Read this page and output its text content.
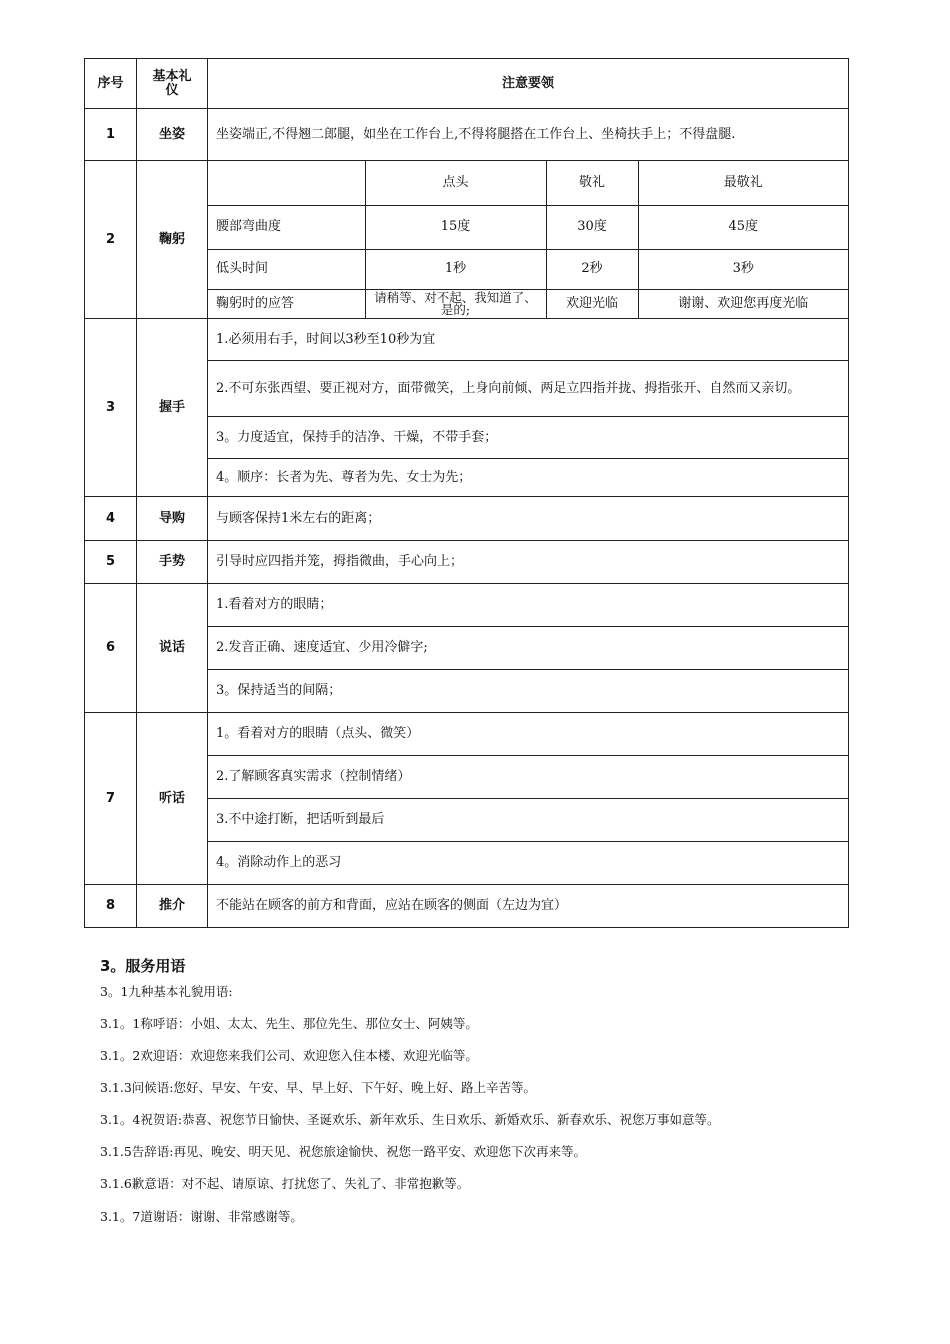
序号	基本礼仪	注意要领
1	坐姿	坐姿端正,不得翘二郎腿，如坐在工作台上,不得将腿搭在工作台上、坐椅扶手上；不得盘腿.
2	鞠躬	
	点头	敬礼	最敬礼
腰部弯曲度	15度	30度	45度
低头时间	1秒	2秒	3秒
鞠躬时的应答	请稍等、对不起、我知道了、是的;	欢迎光临	谢谢、欢迎您再度光临

3	握手	1.必须用右手，时间以3秒至10秒为宜
2.不可东张西望、要正视对方，面带微笑，上身向前倾、两足立四指并拢、拇指张开、自然而又亲切。
3。力度适宜，保持手的洁净、干燥，不带手套；
4。顺序：长者为先、尊者为先、女士为先；
4	导购	与顾客保持1米左右的距离；
5	手势	引导时应四指并笼，拇指微曲，手心向上；
6	说话	1.看着对方的眼睛；
2.发音正确、速度适宜、少用冷僻字;
3。保持适当的间隔；
7	听话	1。看着对方的眼睛（点头、微笑）
2.了解顾客真实需求（控制情绪）
3.不中途打断，把话听到最后
4。消除动作上的恶习
8	推介	不能站在顾客的前方和背面，应站在顾客的侧面（左边为宜）
3。服务用语
3。1九种基本礼貌用语:
3.1。1称呼语：小姐、太太、先生、那位先生、那位女士、阿姨等。
3.1。2欢迎语：欢迎您来我们公司、欢迎您入住本楼、欢迎光临等。
3.1.3问候语:您好、早安、午安、早、早上好、下午好、晚上好、路上辛苦等。
3.1。4祝贺语:恭喜、祝您节日愉快、圣诞欢乐、新年欢乐、生日欢乐、新婚欢乐、新春欢乐、祝您万事如意等。
3.1.5告辞语:再见、晚安、明天见、祝您旅途愉快、祝您一路平安、欢迎您下次再来等。
3.1.6歉意语：对不起、请原谅、打扰您了、失礼了、非常抱歉等。
3.1。7道谢语：谢谢、非常感谢等。
